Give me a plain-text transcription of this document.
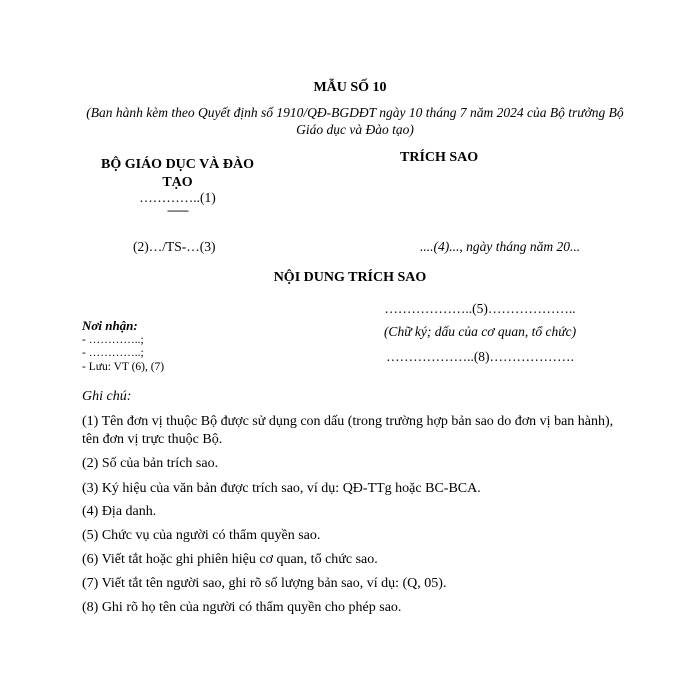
MẪU SỐ 10
(Ban hành kèm theo Quyết định số 1910/QĐ-BGDĐT ngày 10 tháng 7 năm 2024 của Bộ trưởng Bộ Giáo dục và Đào tạo)
BỘ GIÁO DỤC VÀ ĐÀO TẠO
TRÍCH SAO
…………..(1)
-------
(2)…/TS-…(3)	....(4)..., ngày tháng năm 20...
NỘI DUNG TRÍCH SAO
………………..(5)………………..
(Chữ ký; dấu của cơ quan, tổ chức)
………………..(8)……………….
Nơi nhận:
- …………..;
- …………..;
- Lưu: VT (6), (7)
Ghi chú:
(1) Tên đơn vị thuộc Bộ được sử dụng con dấu (trong trường hợp bản sao do đơn vị ban hành), tên đơn vị trực thuộc Bộ.
(2) Số của bản trích sao.
(3) Ký hiệu của văn bản được trích sao, ví dụ: QĐ-TTg hoặc BC-BCA.
(4) Địa danh.
(5) Chức vụ của người có thẩm quyền sao.
(6) Viết tắt hoặc ghi phiên hiệu cơ quan, tổ chức sao.
(7) Viết tắt tên người sao, ghi rõ số lượng bản sao, ví dụ: (Q, 05).
(8) Ghi rõ họ tên của người có thẩm quyền cho phép sao.
